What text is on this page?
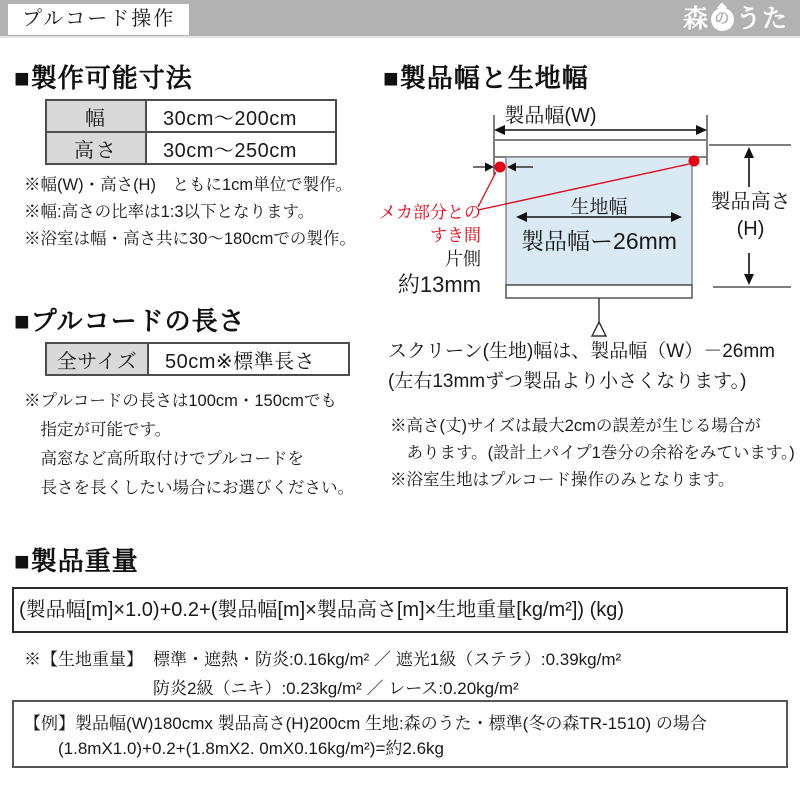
プルコード操作	森 の うた
■製作可能寸法
幅	30cm〜200cm
高さ	30cm〜250cm
※幅(W)・高さ(H)　ともに1cm単位で製作。
※幅:高さの比率は1:3以下となります。
※浴室は幅・高さ共に30〜180cmでの製作。
■プルコードの長さ
全サイズ	50cm※標準長さ
※プルコードの長さは100cm・150cmでも
　指定が可能です。
　高窓など高所取付けでプルコードを
　長さを長くしたい場合にお選びください。
■製品幅と生地幅
製品幅(W)
生地幅
製品幅ー26mm
製品高さ
(H)
メカ部分との
すき間
片側
約13mm
スクリーン(生地)幅は、製品幅（W）－26mm
(左右13mmずつ製品より小さくなります。)
※高さ(丈)サイズは最大2cmの誤差が生じる場合が
　あります。(設計上パイプ1巻分の余裕をみています。)
※浴室生地はプルコード操作のみとなります。
■製品重量
(製品幅[m]×1.0)+0.2+(製品幅[m]×製品高さ[m]×生地重量[kg/m²]) (kg)
※【生地重量】 標準・遮熱・防炎:0.16kg/m² ／ 遮光1級（ステラ）:0.39kg/m²
防炎2級（ニキ）:0.23kg/m² ／ レース:0.20kg/m²
【例】製品幅(W)180cmx 製品高さ(H)200cm 生地:森のうた・標準(冬の森TR-1510) の場合
　　(1.8mX1.0)+0.2+(1.8mX2. 0mX0.16kg/m²)=約2.6kg
